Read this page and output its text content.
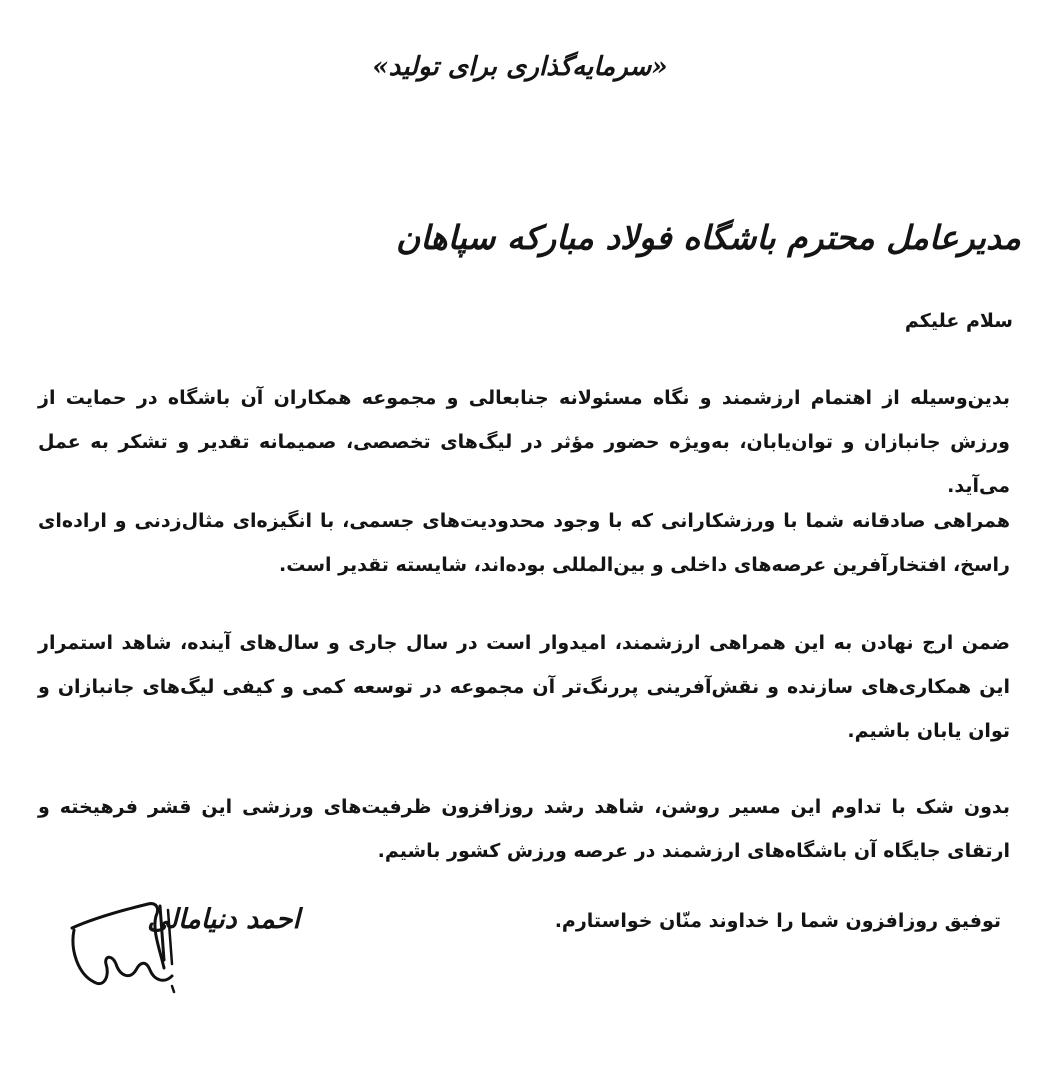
«سرمایه‌گذاری برای تولید»
مدیرعامل محترم باشگاه فولاد مبارکه سپاهان
سلام علیکم

بدین‌وسیله از اهتمام ارزشمند و نگاه مسئولانه جنابعالی و مجموعه همکاران آن باشگاه در حمایت از ورزش جانبازان و توان‌یابان، به‌ویژه حضور مؤثر در لیگ‌های تخصصی، صمیمانه تقدیر و تشکر به عمل می‌آید.

همراهی صادقانه شما با ورزشکارانی که با وجود محدودیت‌های جسمی، با انگیزه‌ای مثال‌زدنی و اراده‌ای راسخ، افتخارآفرین عرصه‌های داخلی و بین‌المللی بوده‌اند، شایسته تقدیر است.

ضمن ارج نهادن به این همراهی ارزشمند، امیدوار است در سال جاری و سال‌های آینده، شاهد استمرار این همکاری‌های سازنده و نقش‌آفرینی پررنگ‌تر آن مجموعه در توسعه کمی و کیفی لیگ‌های جانبازان و توان یابان باشیم.

بدون شک با تداوم این مسیر روشن، شاهد رشد روزافزون ظرفیت‌های ورزشی این قشر فرهیخته و ارتقای جایگاه آن باشگاه‌های ارزشمند در عرصه ورزش کشور باشیم.

توفیق روزافزون شما را خداوند منّان خواستارم.
احمد دنیامالی
